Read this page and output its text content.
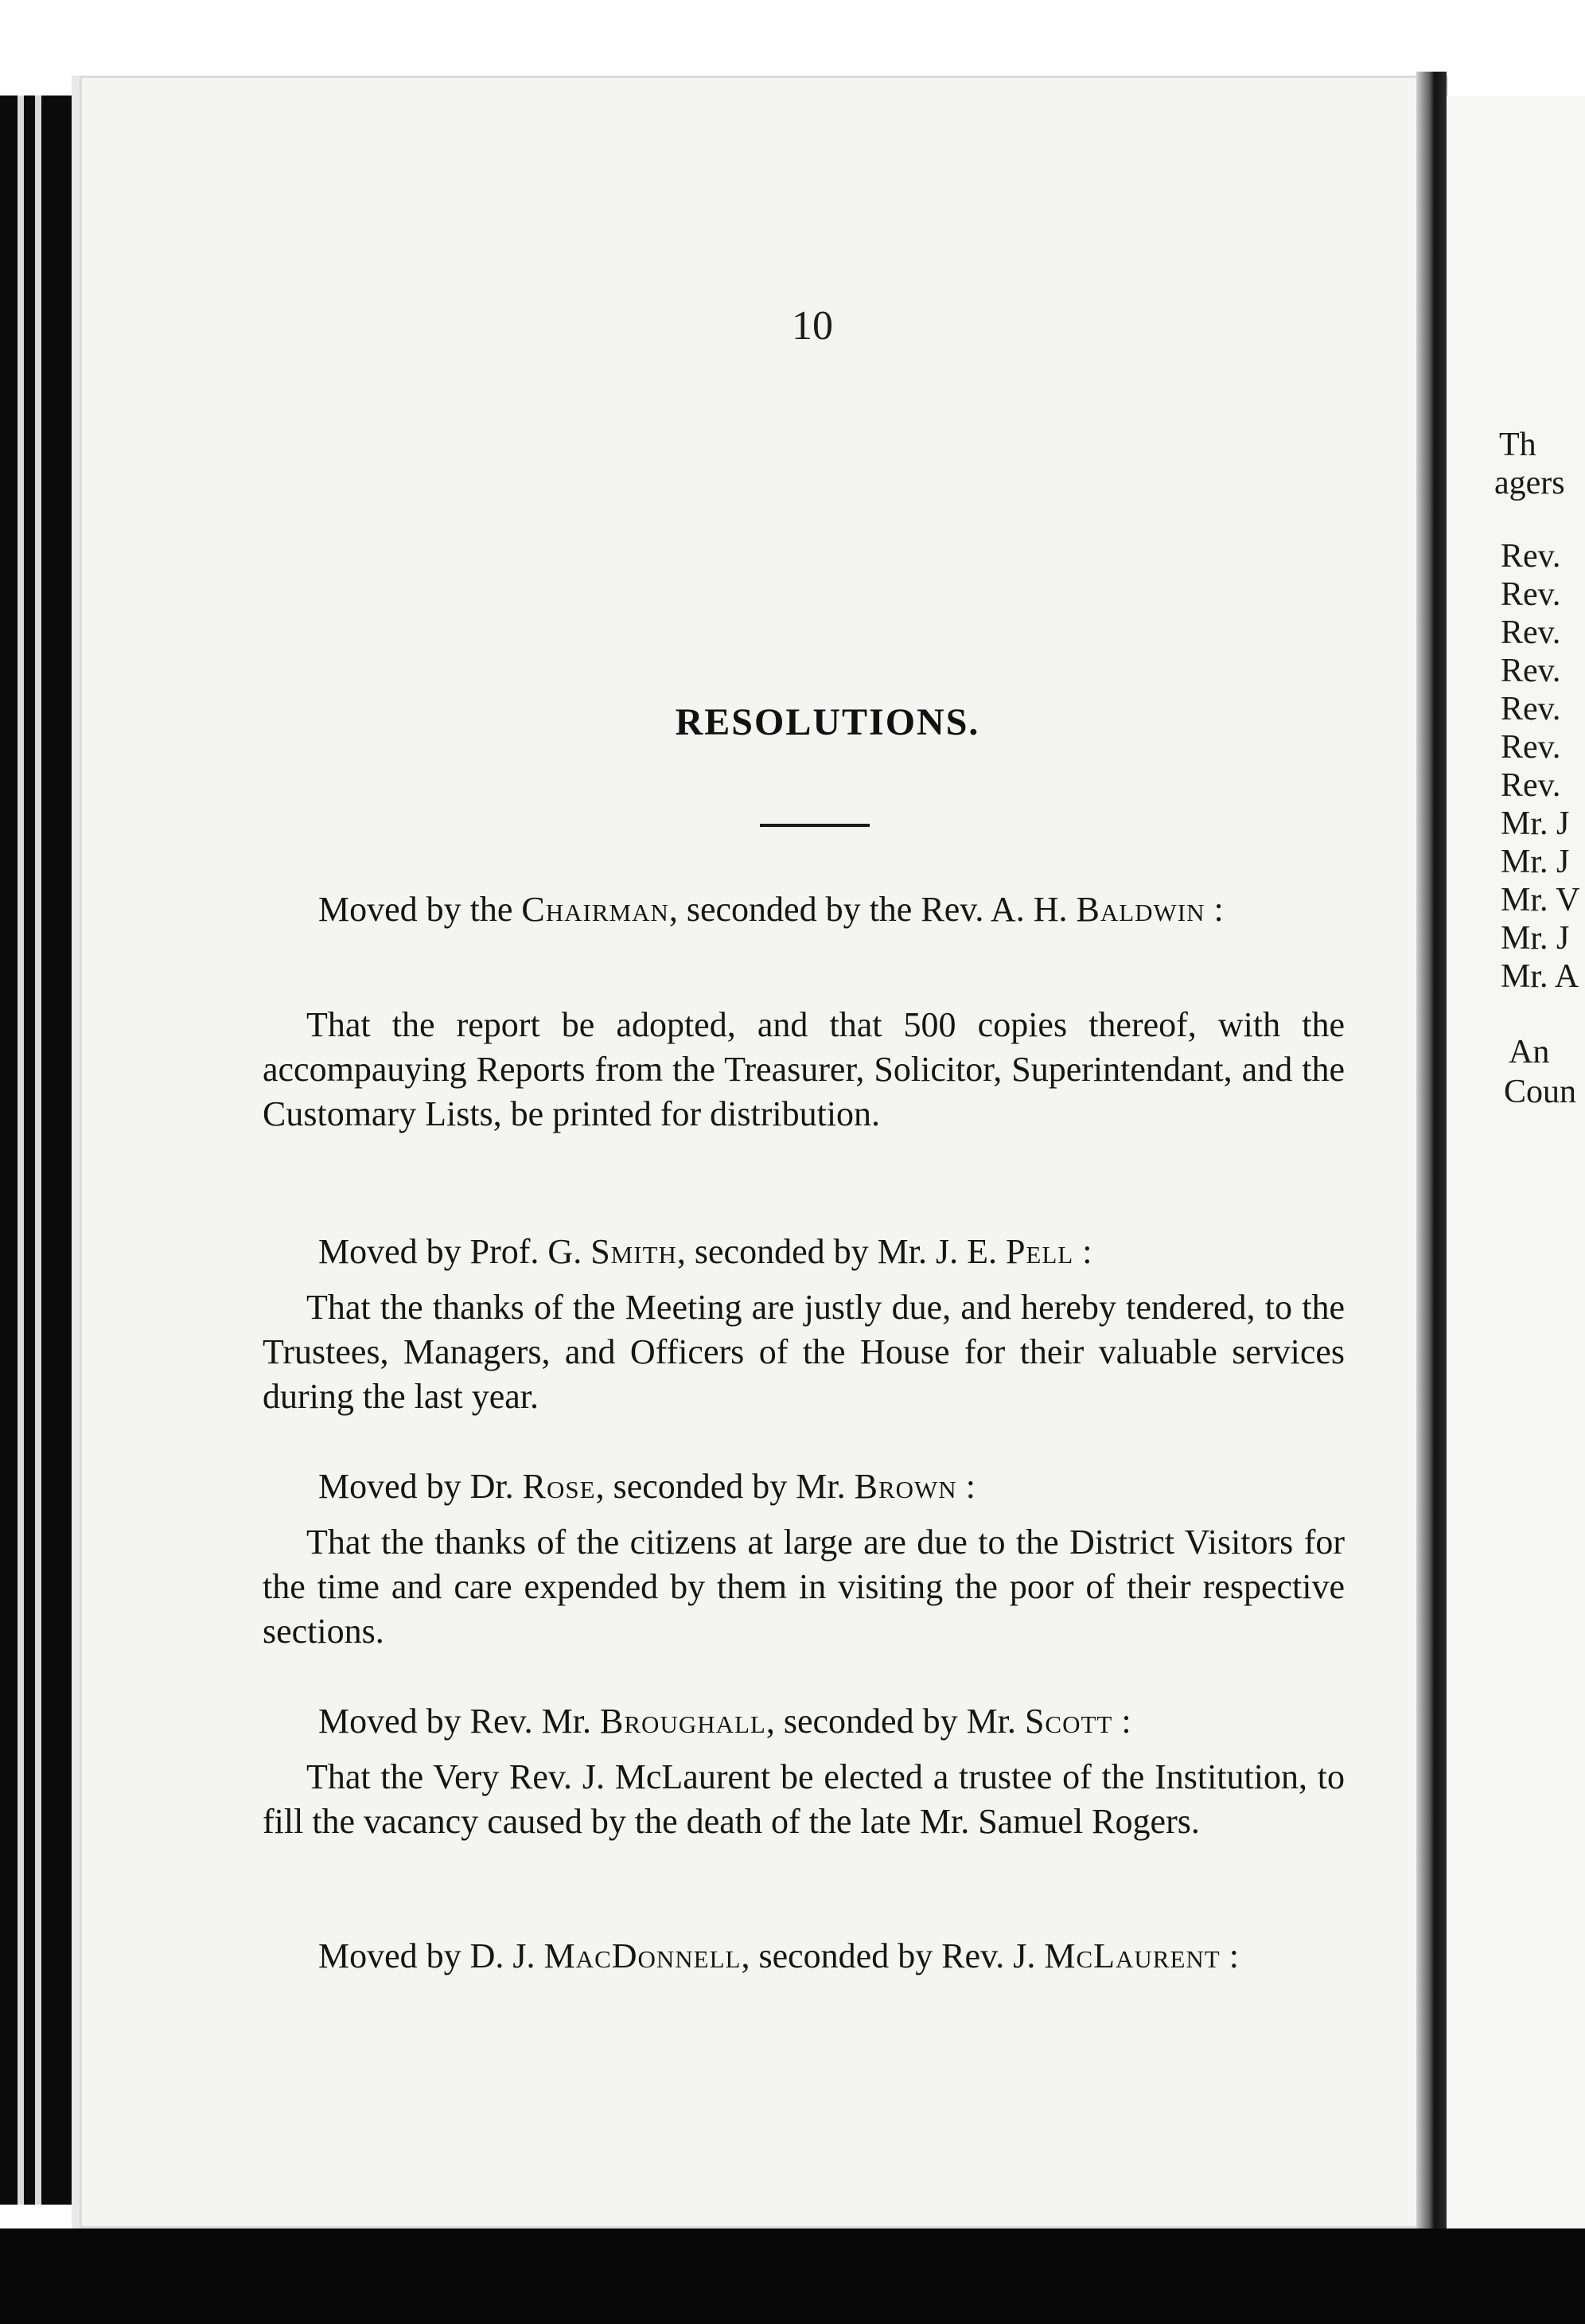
Th
agers
Rev.
Rev.
Rev.
Rev.
Rev.
Rev.
Rev.
Mr. J
Mr. J
Mr. V
Mr. J
Mr. A
An
Coun
10
RESOLUTIONS.
Moved by the Chairman, seconded by the Rev. A. H. Baldwin :
That the report be adopted, and that 500 copies thereof, with the accompauying Reports from the Treasurer, Solicitor, Superintendant, and the Customary Lists, be printed for distribution.
Moved by Prof. G. Smith, seconded by Mr. J. E. Pell :
That the thanks of the Meeting are justly due, and hereby tendered, to the Trustees, Managers, and Officers of the House for their valuable services during the last year.
Moved by Dr. Rose, seconded by Mr. Brown :
That the thanks of the citizens at large are due to the District Visitors for the time and care expended by them in visiting the poor of their respective sections.
Moved by Rev. Mr. Broughall, seconded by Mr. Scott :
That the Very Rev. J. McLaurent be elected a trustee of the Institution, to fill the vacancy caused by the death of the late Mr. Samuel Rogers.
Moved by D. J. MacDonnell, seconded by Rev. J. McLaurent :
